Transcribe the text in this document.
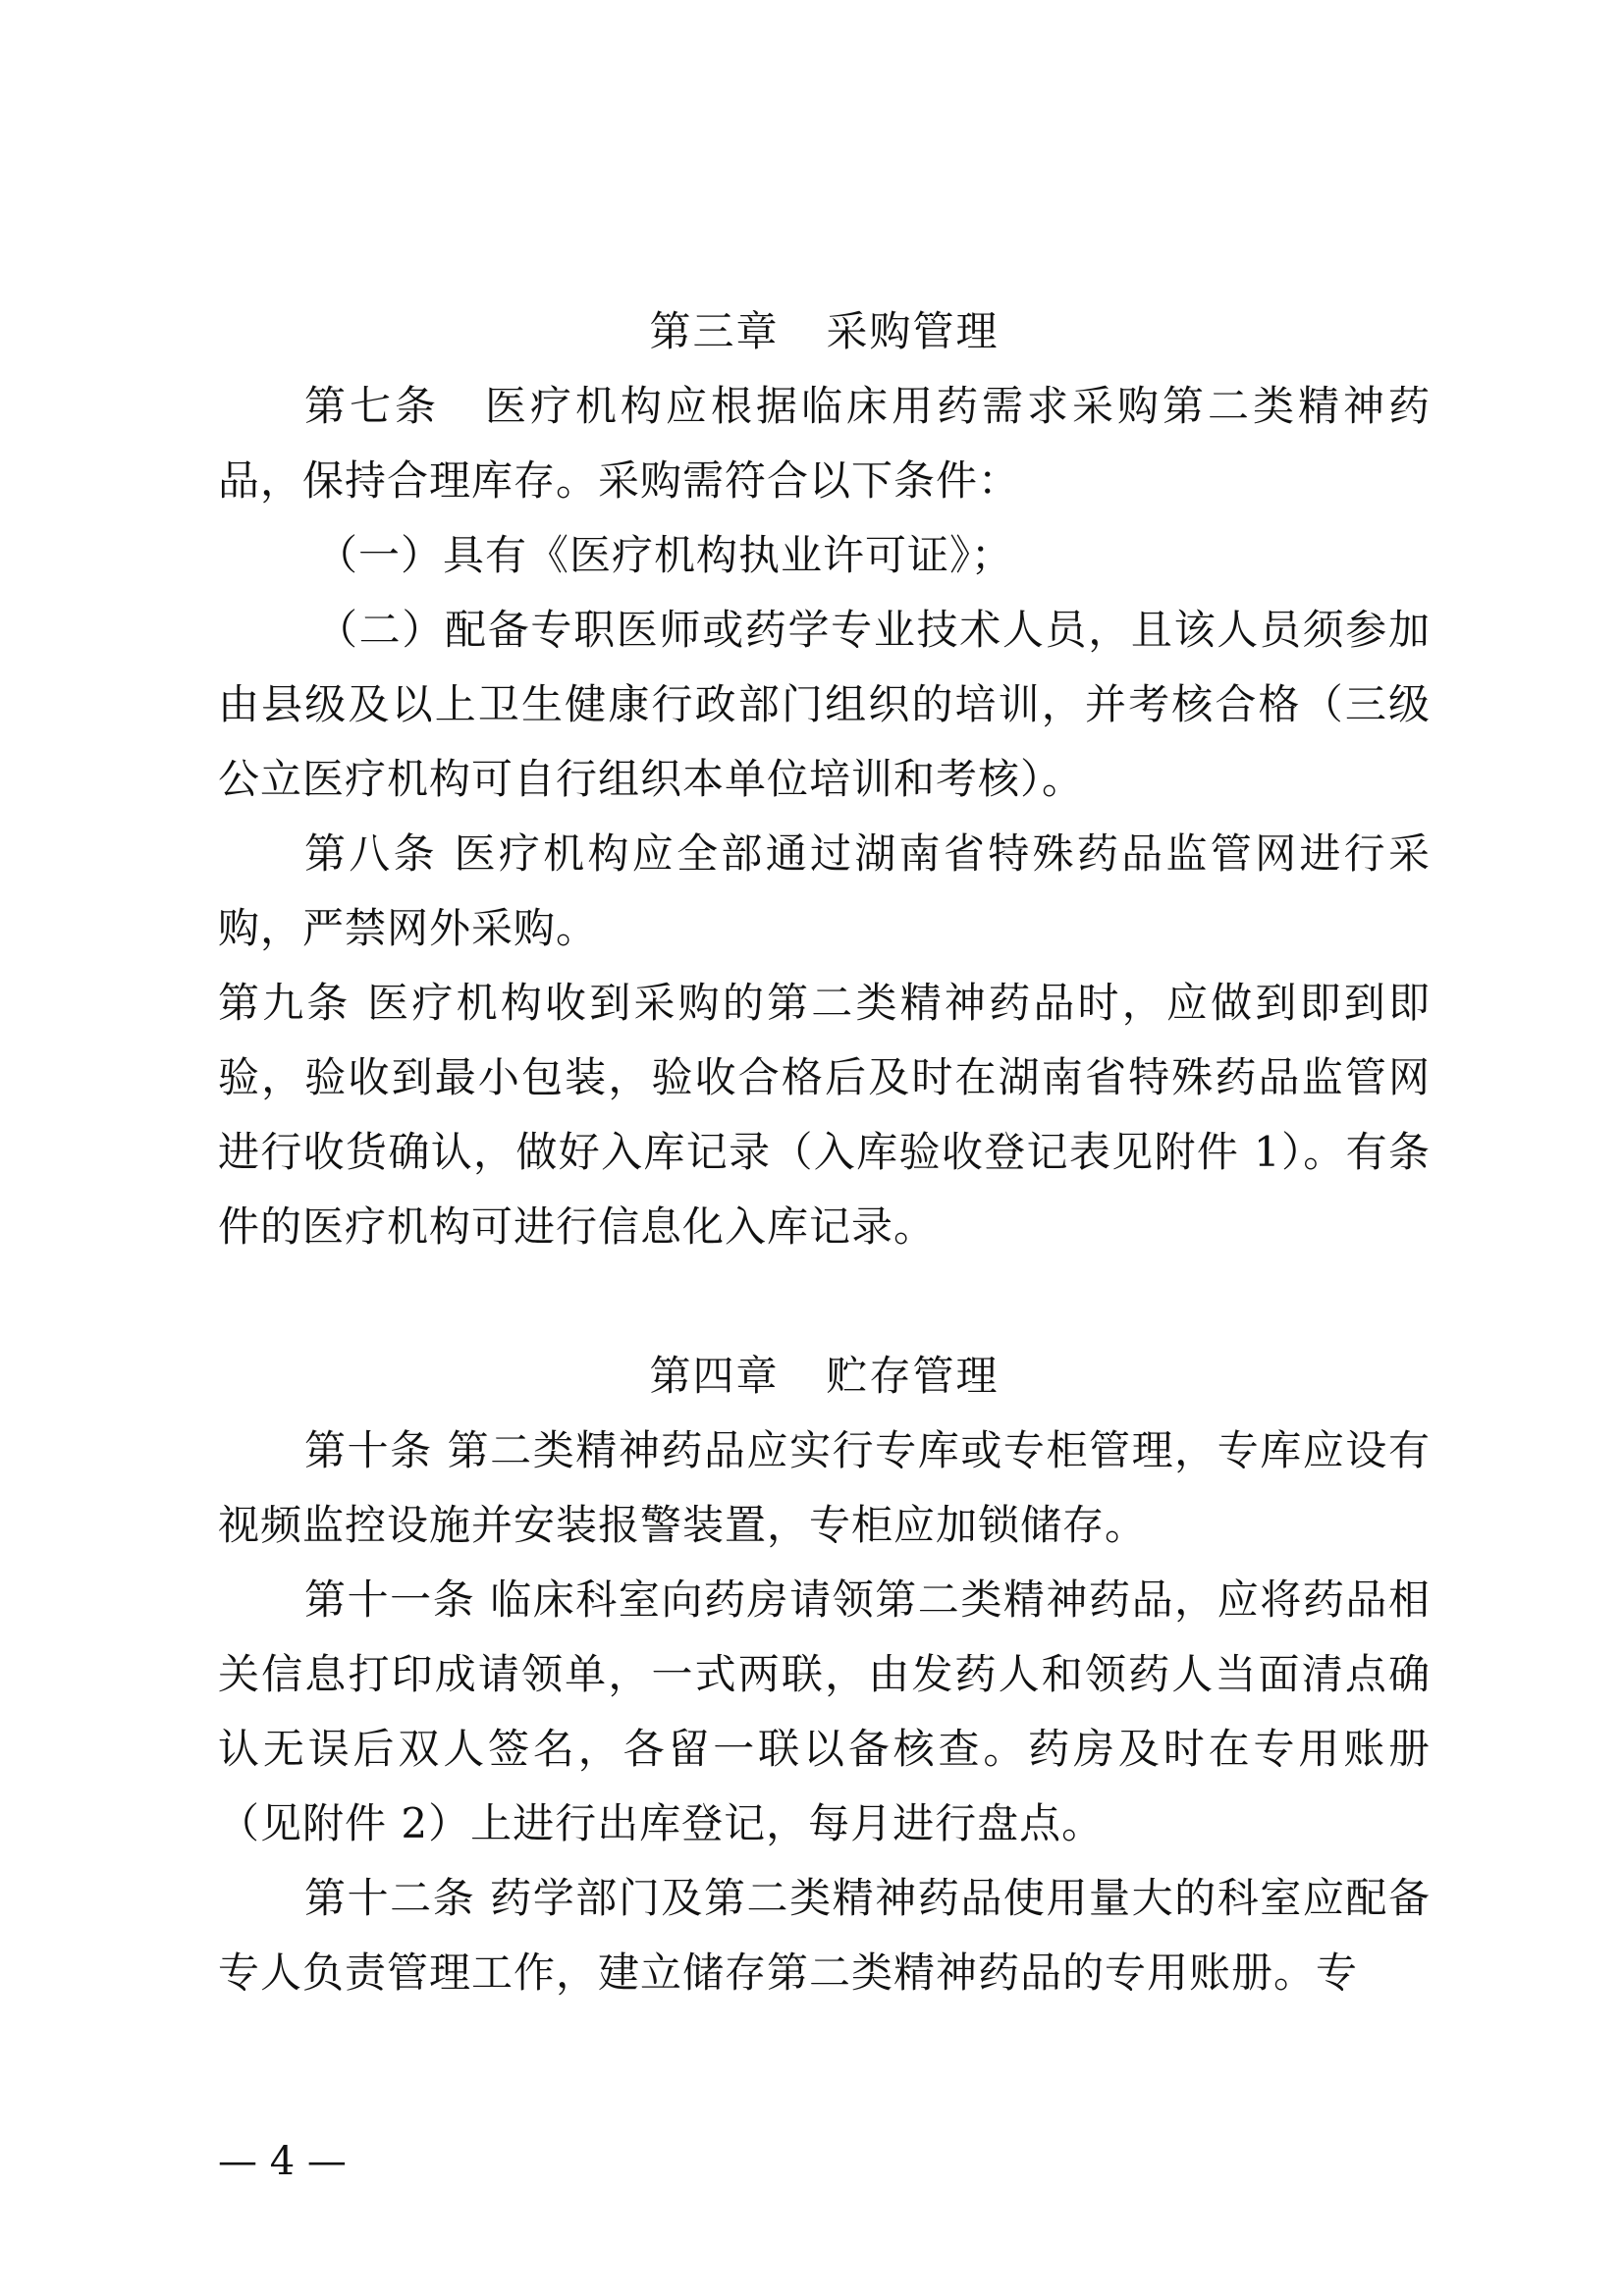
第三章 采购管理

第七条　医疗机构应根据临床用药需求采购第二类精神药品，保持合理库存。采购需符合以下条件：

（一）具有《医疗机构执业许可证》；

（二）配备专职医师或药学专业技术人员，且该人员须参加由县级及以上卫生健康行政部门组织的培训，并考核合格（三级公立医疗机构可自行组织本单位培训和考核）。

第八条 医疗机构应全部通过湖南省特殊药品监管网进行采购，严禁网外采购。

第九条 医疗机构收到采购的第二类精神药品时，应做到即到即验，验收到最小包装，验收合格后及时在湖南省特殊药品监管网进行收货确认，做好入库记录（入库验收登记表见附件 1）。有条件的医疗机构可进行信息化入库记录。

第四章 贮存管理

第十条 第二类精神药品应实行专库或专柜管理，专库应设有视频监控设施并安装报警装置，专柜应加锁储存。

第十一条 临床科室向药房请领第二类精神药品，应将药品相关信息打印成请领单，一式两联，由发药人和领药人当面清点确认无误后双人签名，各留一联以备核查。药房及时在专用账册（见附件 2）上进行出库登记，每月进行盘点。

第十二条 药学部门及第二类精神药品使用量大的科室应配备专人负责管理工作，建立储存第二类精神药品的专用账册。专

— 4 —
